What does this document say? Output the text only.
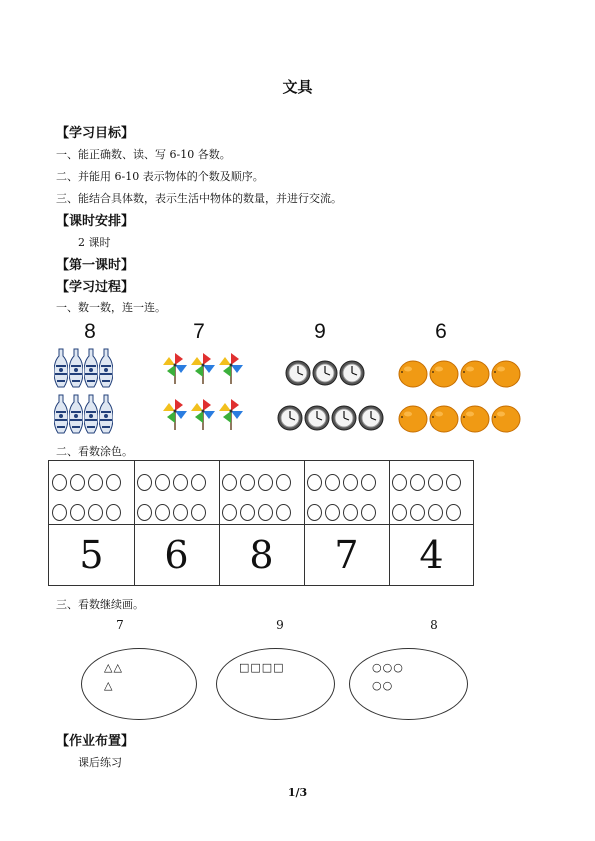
文具
【学习目标】
一、能正确数、读、写 6-10 各数。
二、并能用 6-10 表示物体的个数及顺序。
三、能结合具体数，表示生活中物体的数量，并进行交流。
【课时安排】
2 课时
【第一课时】
【学习过程】
一、数一数，连一连。
8	7	9	6
二、看数涂色。
5	6	8	7	4
三、看数继续画。
7	9	8
△△
△
□□□□	○○○
○○
【作业布置】
课后练习
1/3
